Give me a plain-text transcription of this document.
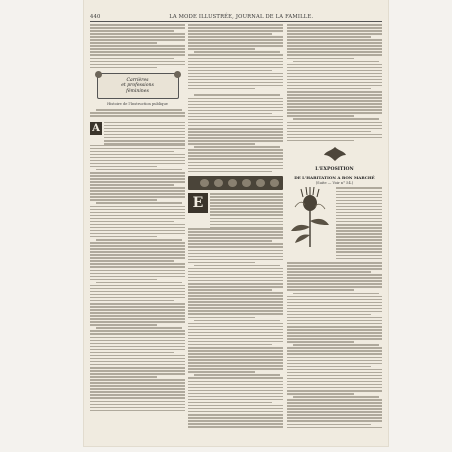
440	LA MODE ILLUSTRÉE, JOURNAL DE LA FAMILLE.
Carrières
et professions
féminines
Histoire de l'Instruction publique
A
E
L'EXPOSITION
DE L'HABITATION A BON MARCHÉ
(Suite — Voir n° 54.)
